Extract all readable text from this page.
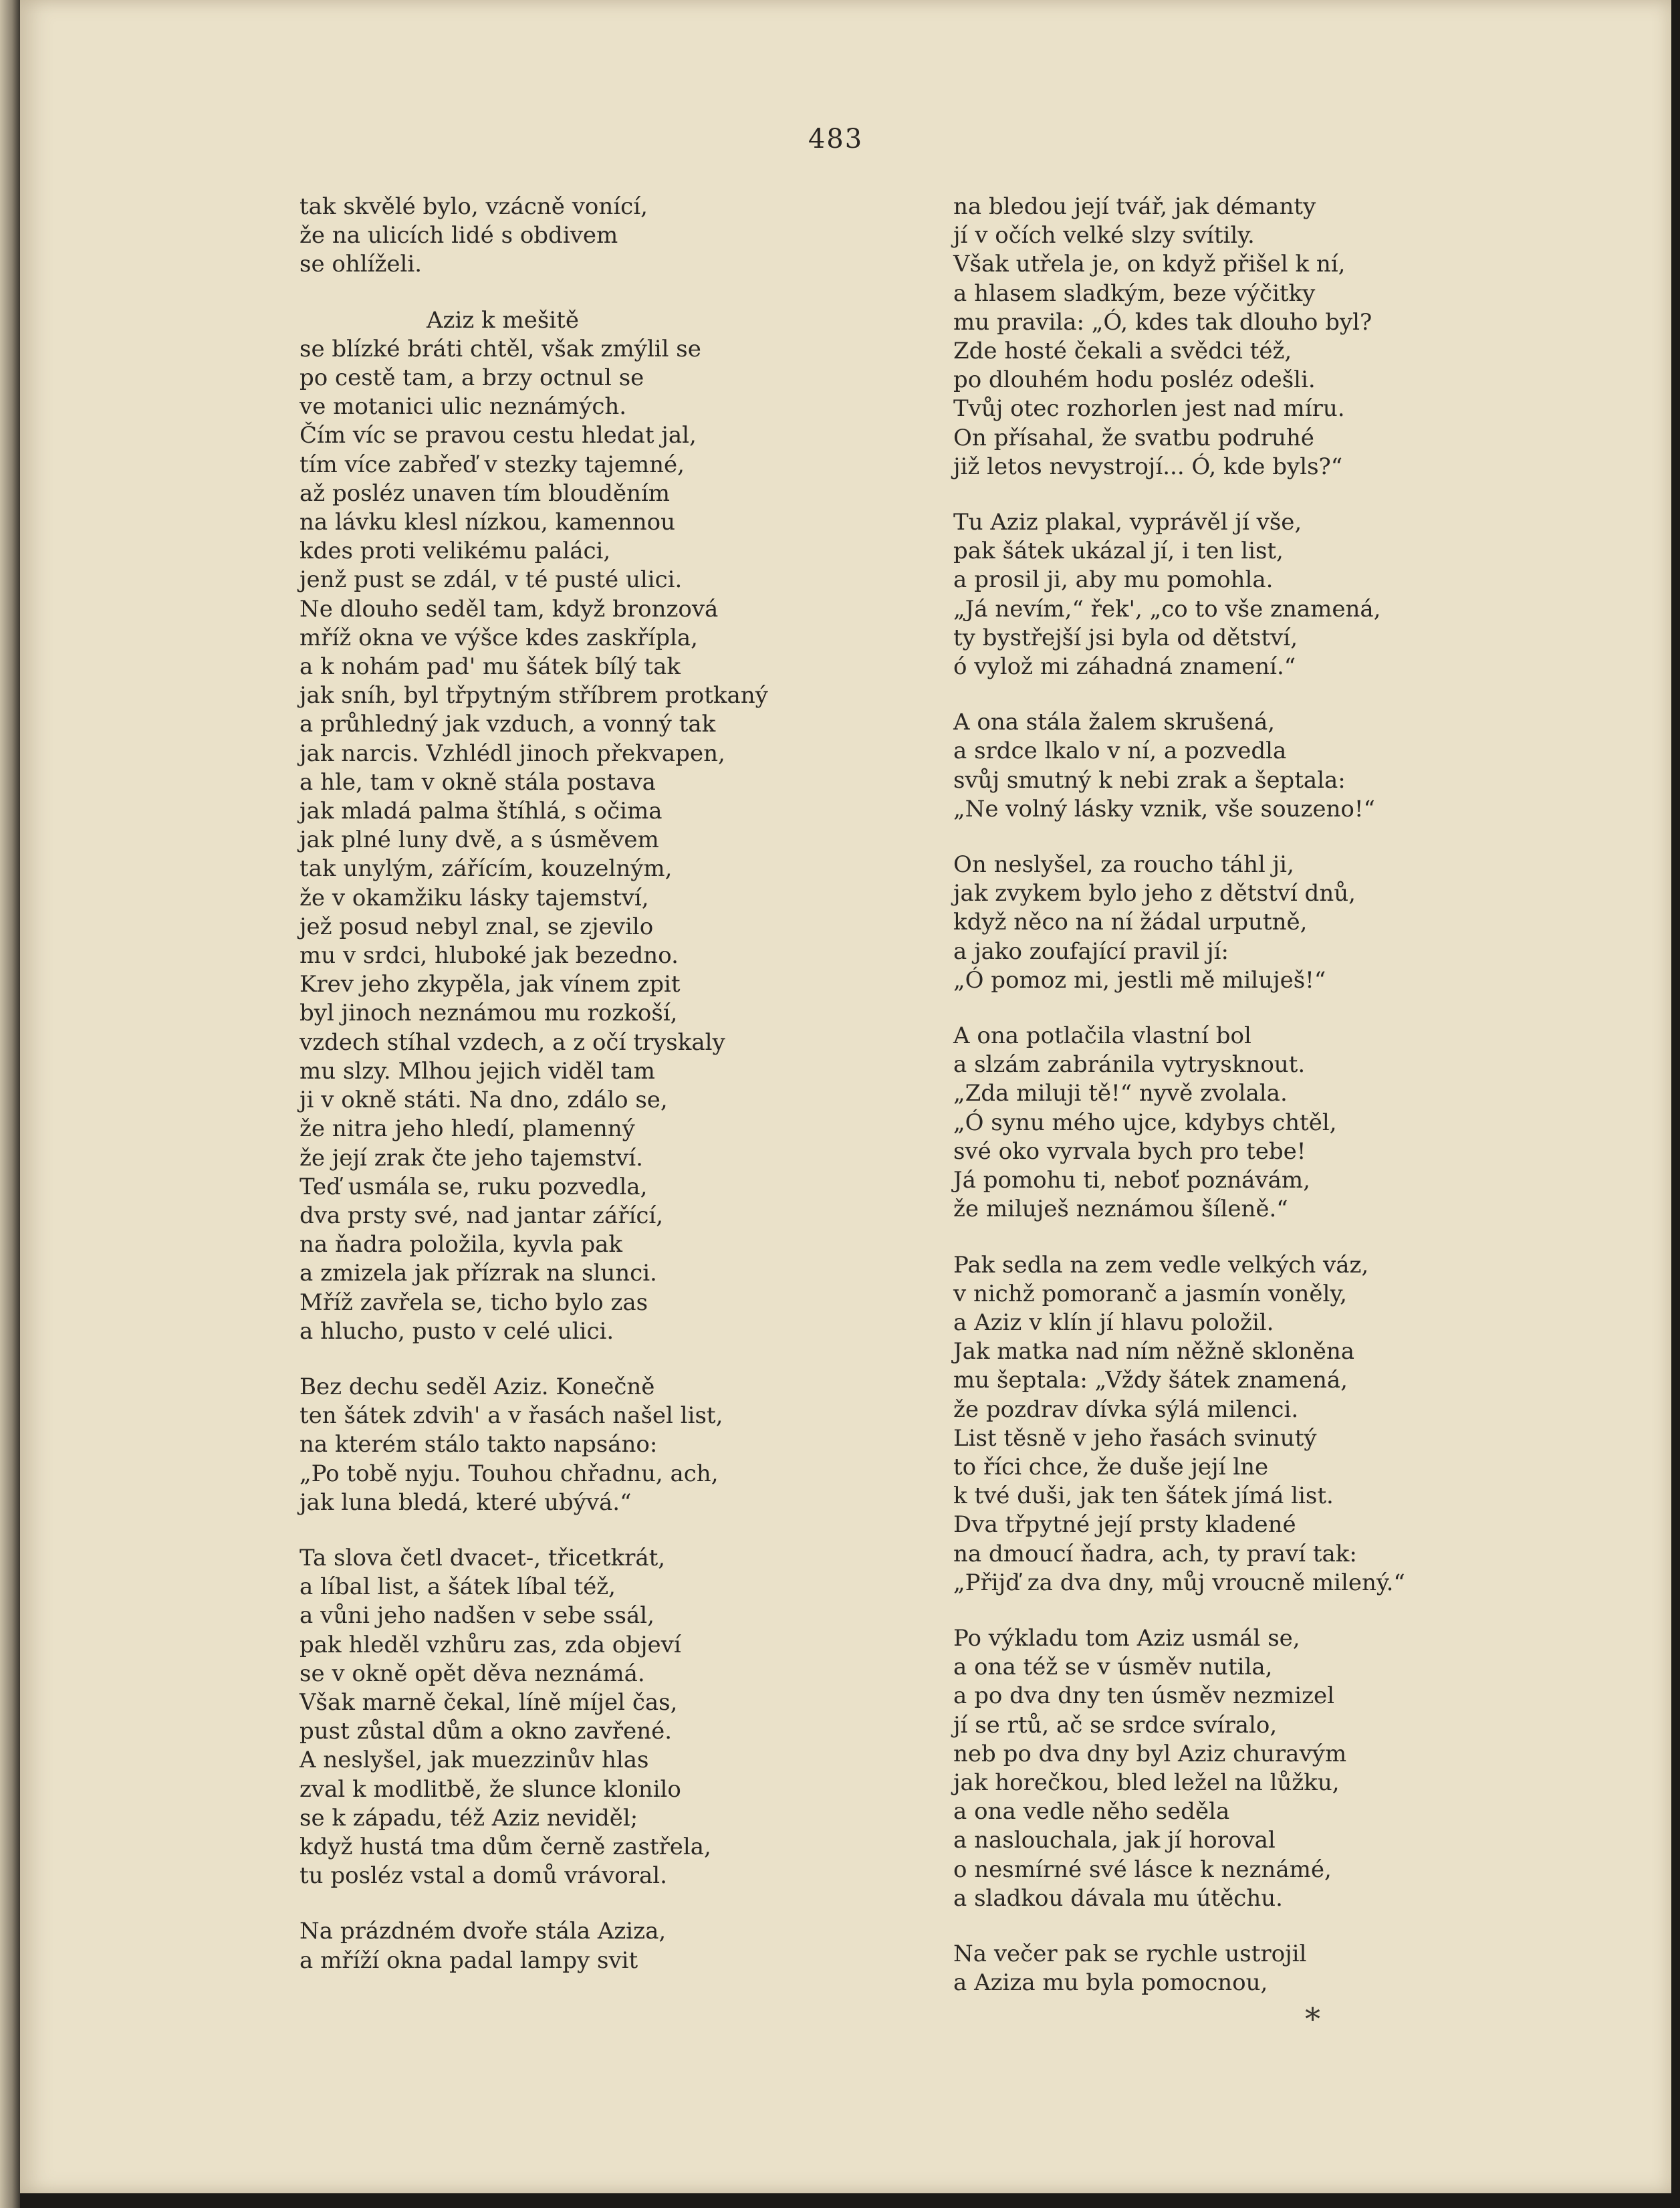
483
tak skvělé bylo, vzácně vonící,
že na ulicích lidé s obdivem
se ohlíželi.
Aziz k mešitě
se blízké bráti chtěl, však zmýlil se
po cestě tam, a brzy octnul se
ve motanici ulic neznámých.
Čím víc se pravou cestu hledat jal,
tím více zabřeď v stezky tajemné,
až posléz unaven tím blouděním
na lávku klesl nízkou, kamennou
kdes proti velikému paláci,
jenž pust se zdál, v té pusté ulici.
Ne dlouho seděl tam, když bronzová
mříž okna ve výšce kdes zaskřípla,
a k nohám pad' mu šátek bílý tak
jak sníh, byl třpytným stříbrem protkaný
a průhledný jak vzduch, a vonný tak
jak narcis. Vzhlédl jinoch překvapen,
a hle, tam v okně stála postava
jak mladá palma štíhlá, s očima
jak plné luny dvě, a s úsměvem
tak unylým, zářícím, kouzelným,
že v okamžiku lásky tajemství,
jež posud nebyl znal, se zjevilo
mu v srdci, hluboké jak bezedno.
Krev jeho zkypěla, jak vínem zpit
byl jinoch neznámou mu rozkoší,
vzdech stíhal vzdech, a z očí tryskaly
mu slzy. Mlhou jejich viděl tam
ji v okně státi. Na dno, zdálo se,
že nitra jeho hledí, plamenný
že její zrak čte jeho tajemství.
Teď usmála se, ruku pozvedla,
dva prsty své, nad jantar zářící,
na ňadra položila, kyvla pak
a zmizela jak přízrak na slunci.
Mříž zavřela se, ticho bylo zas
a hlucho, pusto v celé ulici.
Bez dechu seděl Aziz. Konečně
ten šátek zdvih' a v řasách našel list,
na kterém stálo takto napsáno:
„Po tobě nyju. Touhou chřadnu, ach,
jak luna bledá, které ubývá.“
Ta slova četl dvacet-, třicetkrát,
a líbal list, a šátek líbal též,
a vůni jeho nadšen v sebe ssál,
pak hleděl vzhůru zas, zda objeví
se v okně opět děva neznámá.
Však marně čekal, líně míjel čas,
pust zůstal dům a okno zavřené.
A neslyšel, jak muezzinův hlas
zval k modlitbě, že slunce klonilo
se k západu, též Aziz neviděl;
když hustá tma dům černě zastřela,
tu posléz vstal a domů vrávoral.
Na prázdném dvoře stála Aziza,
a mříží okna padal lampy svit
na bledou její tvář, jak démanty
jí v očích velké slzy svítily.
Však utřela je, on když přišel k ní,
a hlasem sladkým, beze výčitky
mu pravila: „Ó, kdes tak dlouho byl?
Zde hosté čekali a svědci též,
po dlouhém hodu posléz odešli.
Tvůj otec rozhorlen jest nad míru.
On přísahal, že svatbu podruhé
již letos nevystrojí... Ó, kde byls?“
Tu Aziz plakal, vyprávěl jí vše,
pak šátek ukázal jí, i ten list,
a prosil ji, aby mu pomohla.
„Já nevím,“ řek', „co to vše znamená,
ty bystřejší jsi byla od dětství,
ó vylož mi záhadná znamení.“
A ona stála žalem skrušená,
a srdce lkalo v ní, a pozvedla
svůj smutný k nebi zrak a šeptala:
„Ne volný lásky vznik, vše souzeno!“
On neslyšel, za roucho táhl ji,
jak zvykem bylo jeho z dětství dnů,
když něco na ní žádal urputně,
a jako zoufající pravil jí:
„Ó pomoz mi, jestli mě miluješ!“
A ona potlačila vlastní bol
a slzám zabránila vytrysknout.
„Zda miluji tě!“ nyvě zvolala.
„Ó synu mého ujce, kdybys chtěl,
své oko vyrvala bych pro tebe!
Já pomohu ti, neboť poznávám,
že miluješ neznámou šíleně.“
Pak sedla na zem vedle velkých váz,
v nichž pomoranč a jasmín voněly,
a Aziz v klín jí hlavu položil.
Jak matka nad ním něžně skloněna
mu šeptala: „Vždy šátek znamená,
že pozdrav dívka sýlá milenci.
List těsně v jeho řasách svinutý
to říci chce, že duše její lne
k tvé duši, jak ten šátek jímá list.
Dva třpytné její prsty kladené
na dmoucí ňadra, ach, ty praví tak:
„Přijď za dva dny, můj vroucně milený.“
Po výkladu tom Aziz usmál se,
a ona též se v úsměv nutila,
a po dva dny ten úsměv nezmizel
jí se rtů, ač se srdce svíralo,
neb po dva dny byl Aziz churavým
jak horečkou, bled ležel na lůžku,
a ona vedle něho seděla
a naslouchala, jak jí horoval
o nesmírné své lásce k neznámé,
a sladkou dávala mu útěchu.
Na večer pak se rychle ustrojil
a Aziza mu byla pomocnou,
*
